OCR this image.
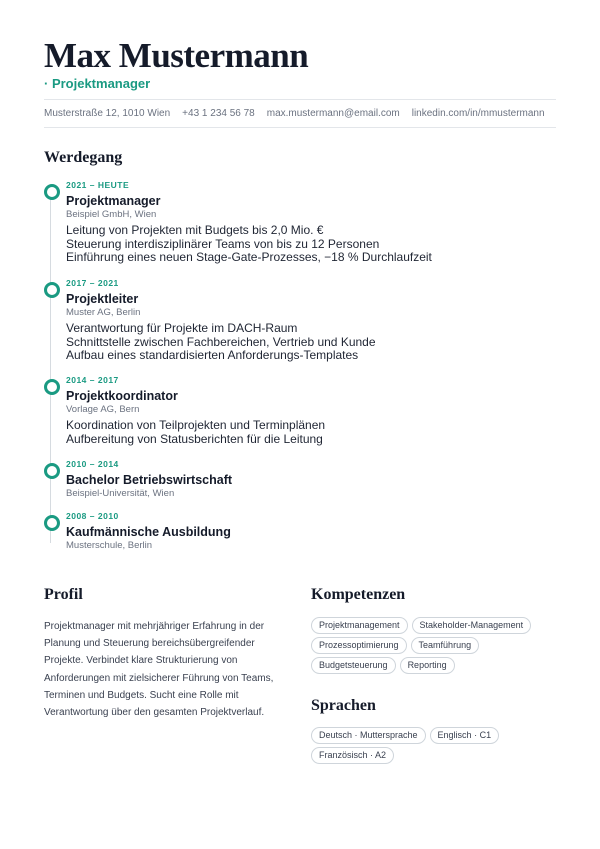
Max Mustermann
· Projektmanager
Musterstraße 12, 1010 Wien +43 1 234 56 78 max.mustermann@email.com linkedin.com/in/mmustermann
Werdegang
2021 – HEUTE
Projektmanager
Beispiel GmbH, Wien
Leitung von Projekten mit Budgets bis 2,0 Mio. €
Steuerung interdisziplinärer Teams von bis zu 12 Personen
Einführung eines neuen Stage-Gate-Prozesses, −18 % Durchlaufzeit
2017 – 2021
Projektleiter
Muster AG, Berlin
Verantwortung für Projekte im DACH-Raum
Schnittstelle zwischen Fachbereichen, Vertrieb und Kunde
Aufbau eines standardisierten Anforderungs-Templates
2014 – 2017
Projektkoordinator
Vorlage AG, Bern
Koordination von Teilprojekten und Terminplänen
Aufbereitung von Statusberichten für die Leitung
2010 – 2014
Bachelor Betriebswirtschaft
Beispiel-Universität, Wien
2008 – 2010
Kaufmännische Ausbildung
Musterschule, Berlin
Profil
Projektmanager mit mehrjähriger Erfahrung in der Planung und Steuerung bereichsübergreifender Projekte. Verbindet klare Strukturierung von Anforderungen mit zielsicherer Führung von Teams, Terminen und Budgets. Sucht eine Rolle mit Verantwortung über den gesamten Projektverlauf.
Kompetenzen
Projektmanagement	Stakeholder-Management
Prozessoptimierung	Teamführung
Budgetsteuerung	Reporting
Sprachen
Deutsch · Muttersprache	Englisch · C1
Französisch · A2
